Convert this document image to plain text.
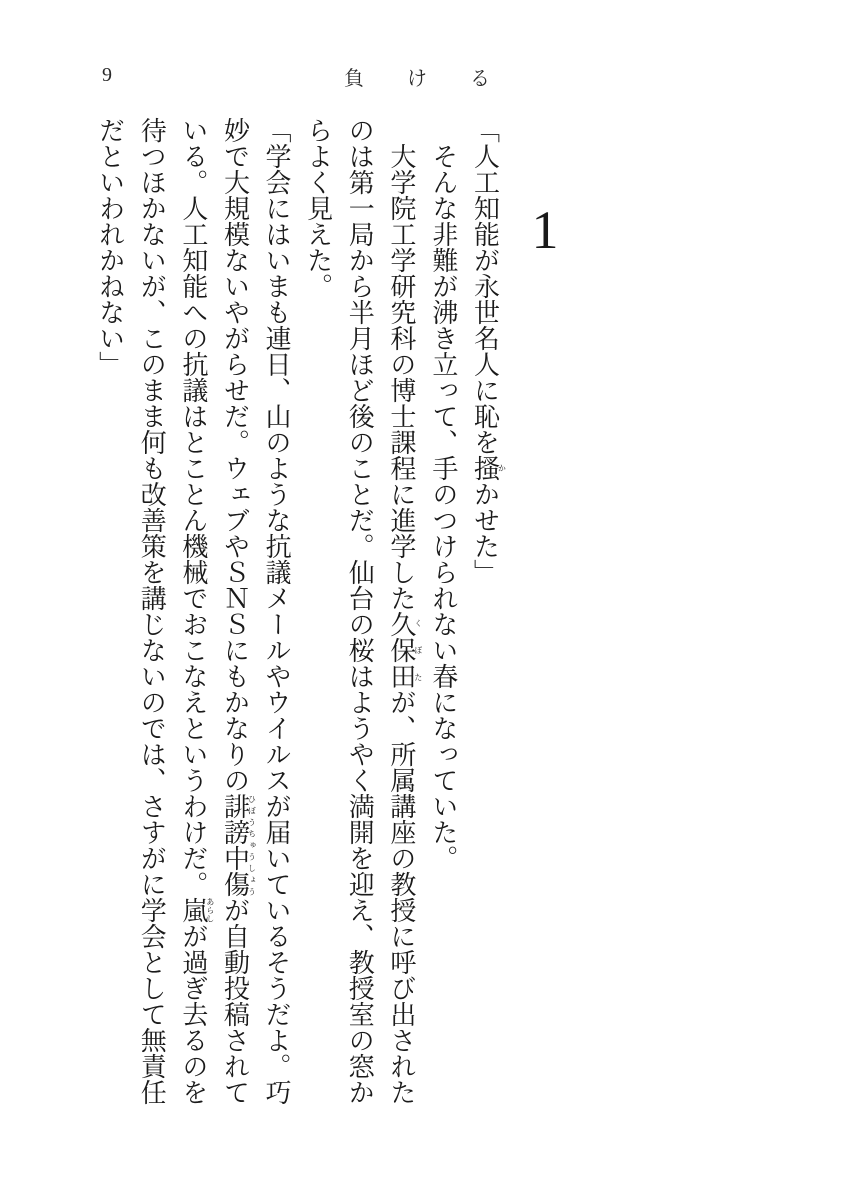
9	負ける
1

「人工知能が永世名人に恥を搔かかせた」

そんな非難が沸き立って、手のつけられない春になっていた。

大学院工学研究科の博士課程に進学した久保田くぼたが、所属講座の教授に呼び出されたのは第一局から半月ほど後のことだ。仙台の桜はようやく満開を迎え、教授室の窓からよく見えた。

「学会にはいまも連日、山のような抗議メールやウイルスが届いているそうだよ。巧妙で大規模ないやがらせだ。ウェブやＳＮＳにもかなりの誹謗中傷ひぼうちゅうしょうが自動投稿されている。人工知能への抗議はとことん機械でおこなえというわけだ。嵐あらしが過ぎ去るのを待つほかないが、このまま何も改善策を講じないのでは、さすがに学会として無責任だといわれかねない」
